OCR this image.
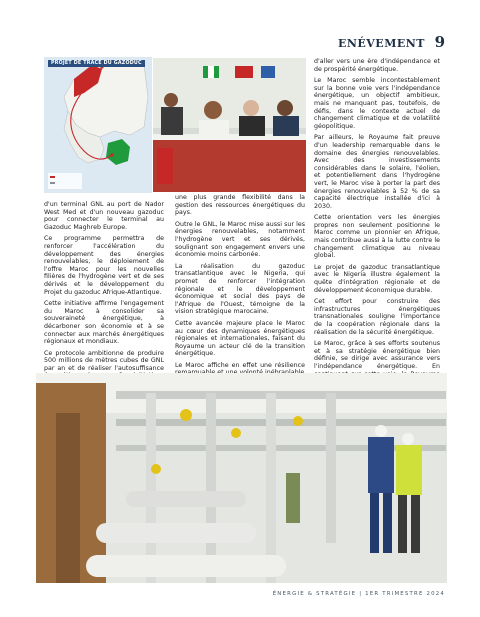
ENÉVEMENT 9
PROJET DE TRACÉ DU GAZODUC

d'un terminal GNL au port de Nador West Med et d'un nouveau gazoduc pour connecter le terminal au Gazoduc Maghreb Europe.

Ce programme permettra de renforcer l'accélération du développement des énergies renouvelables, le déploiement de l'offre Maroc pour les nouvelles filières de l'hydrogène vert et de ses dérivés et le développement du Projet du gazoduc Afrique-Atlantique.

Cette initiative affirme l'engagement du Maroc à consolider sa souveraineté énergétique, à décarboner son économie et à se connecter aux marchés énergétiques régionaux et mondiaux.

Ce protocole ambitionne de produire 500 millions de mètres cubes de GNL par an et de réaliser l'autosuffisance

une plus grande flexibilité dans la gestion des ressources énergétiques du pays.

Outre le GNL, le Maroc mise aussi sur les énergies renouvelables, notamment l'hydrogène vert et ses dérivés, soulignant son engagement envers une économie moins carbonée.

La réalisation du gazoduc transatlantique avec le Nigeria, qui promet de renforcer l'intégration régionale et le développement économique et social des pays de l'Afrique de l'Ouest, témoigne de la vision stratégique marocaine.

Cette avancée majeure place le Maroc au cœur des dynamiques énergétiques régionales et internationales, faisant du Royaume un acteur clé de la transition énergétique.

Le Maroc affiche en effet une résilience

d'aller vers une ère d'indépendance et de prospérité énergétique.

Le Maroc semble incontestablement sur la bonne voie vers l'indépendance énergétique, un objectif ambitieux, mais ne manquant pas, toutefois, de défis, dans le contexte actuel de changement climatique et de volatilité géopolitique.

Par ailleurs, le Royaume fait preuve d'un leadership remarquable dans le domaine des énergies renouvelables. Avec des investissements considérables dans le solaire, l'éolien, et potentiellement dans l'hydrogène vert, le Maroc vise à porter la part des énergies renouvelables à 52 % de sa capacité électrique installée d'ici à 2030.

Cette orientation vers les énergies propres non seulement positionne le Maroc comme un pionnier en Afrique, mais contribue aussi à la lutte contre le changement climatique au niveau global.

Le projet de gazoduc transatlantique avec le Nigeria illustre également la quête d'intégration régionale et de développement économique durable.

Cet effort pour construire des infrastructures énergétiques transnationales souligne l'importance de la coopération régionale dans la réalisation de la sécurité énergétique.

Le Maroc, grâce à ses efforts soutenus et à sa stratégie énergétique bien définie, se dirige avec assurance vers l'indépendance énergétique. En

ÉNERGIE & STRATÉGIE | 1ER TRIMESTRE 2024
